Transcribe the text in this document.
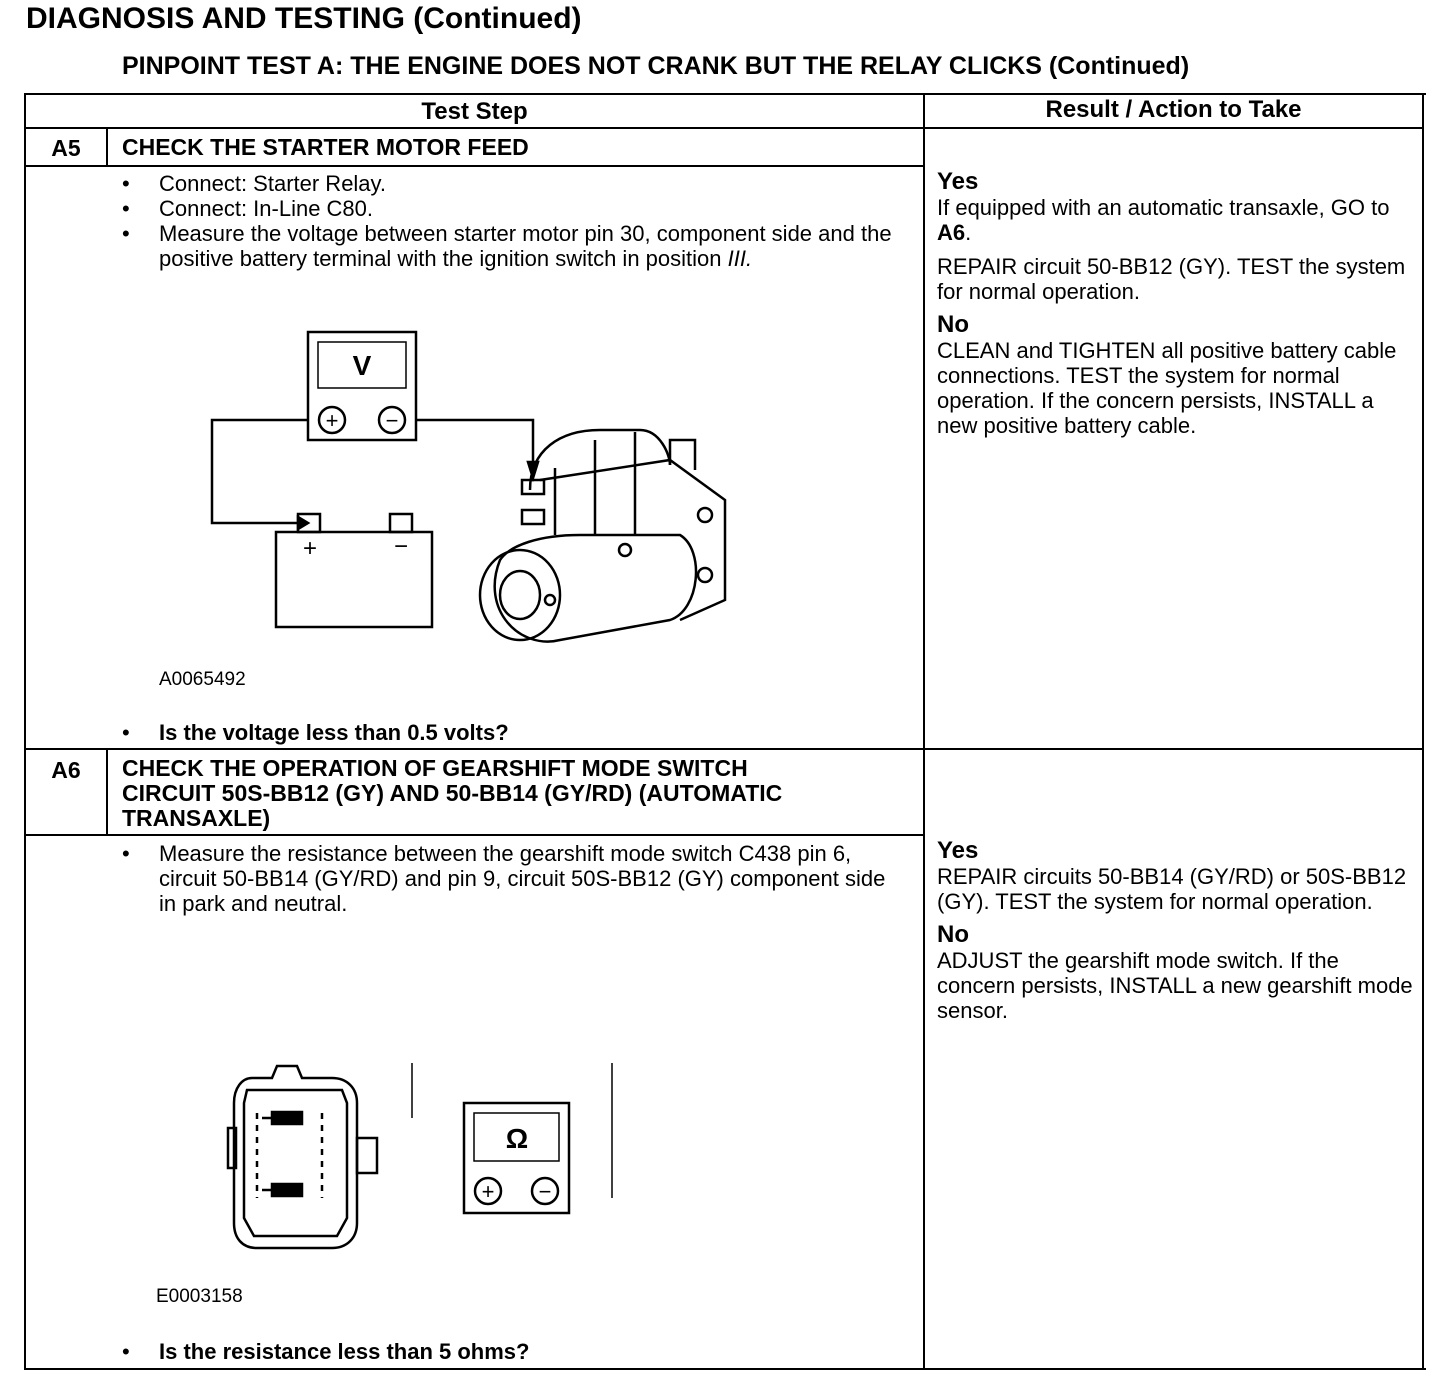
DIAGNOSIS AND TESTING (Continued)
PINPOINT TEST A: THE ENGINE DOES NOT CRANK BUT THE RELAY CLICKS (Continued)
Test Step	Result / Action to Take
A5	CHECK THE STARTER MOTOR FEED
• Connect: Starter Relay.
• Connect: In-Line C80.
• Measure the voltage between starter motor pin 30, component side and the positive battery terminal with the ignition switch in position III.
V
+ −
+	−
A0065492
• Is the voltage less than 0.5 volts?
Yes
If equipped with an automatic transaxle, GO to A6.
REPAIR circuit 50-BB12 (GY). TEST the system for normal operation.
No
CLEAN and TIGHTEN all positive battery cable connections. TEST the system for normal operation. If the concern persists, INSTALL a new positive battery cable.
A6	CHECK THE OPERATION OF GEARSHIFT MODE SWITCH
CIRCUIT 50S-BB12 (GY) AND 50-BB14 (GY/RD) (AUTOMATIC
TRANSAXLE)
• Measure the resistance between the gearshift mode switch C438 pin 6, circuit 50-BB14 (GY/RD) and pin 9, circuit 50S-BB12 (GY) component side in park and neutral.
Ω
+ −
E0003158
• Is the resistance less than 5 ohms?
Yes
REPAIR circuits 50-BB14 (GY/RD) or 50S-BB12 (GY). TEST the system for normal operation.
No
ADJUST the gearshift mode switch. If the concern persists, INSTALL a new gearshift mode sensor.
